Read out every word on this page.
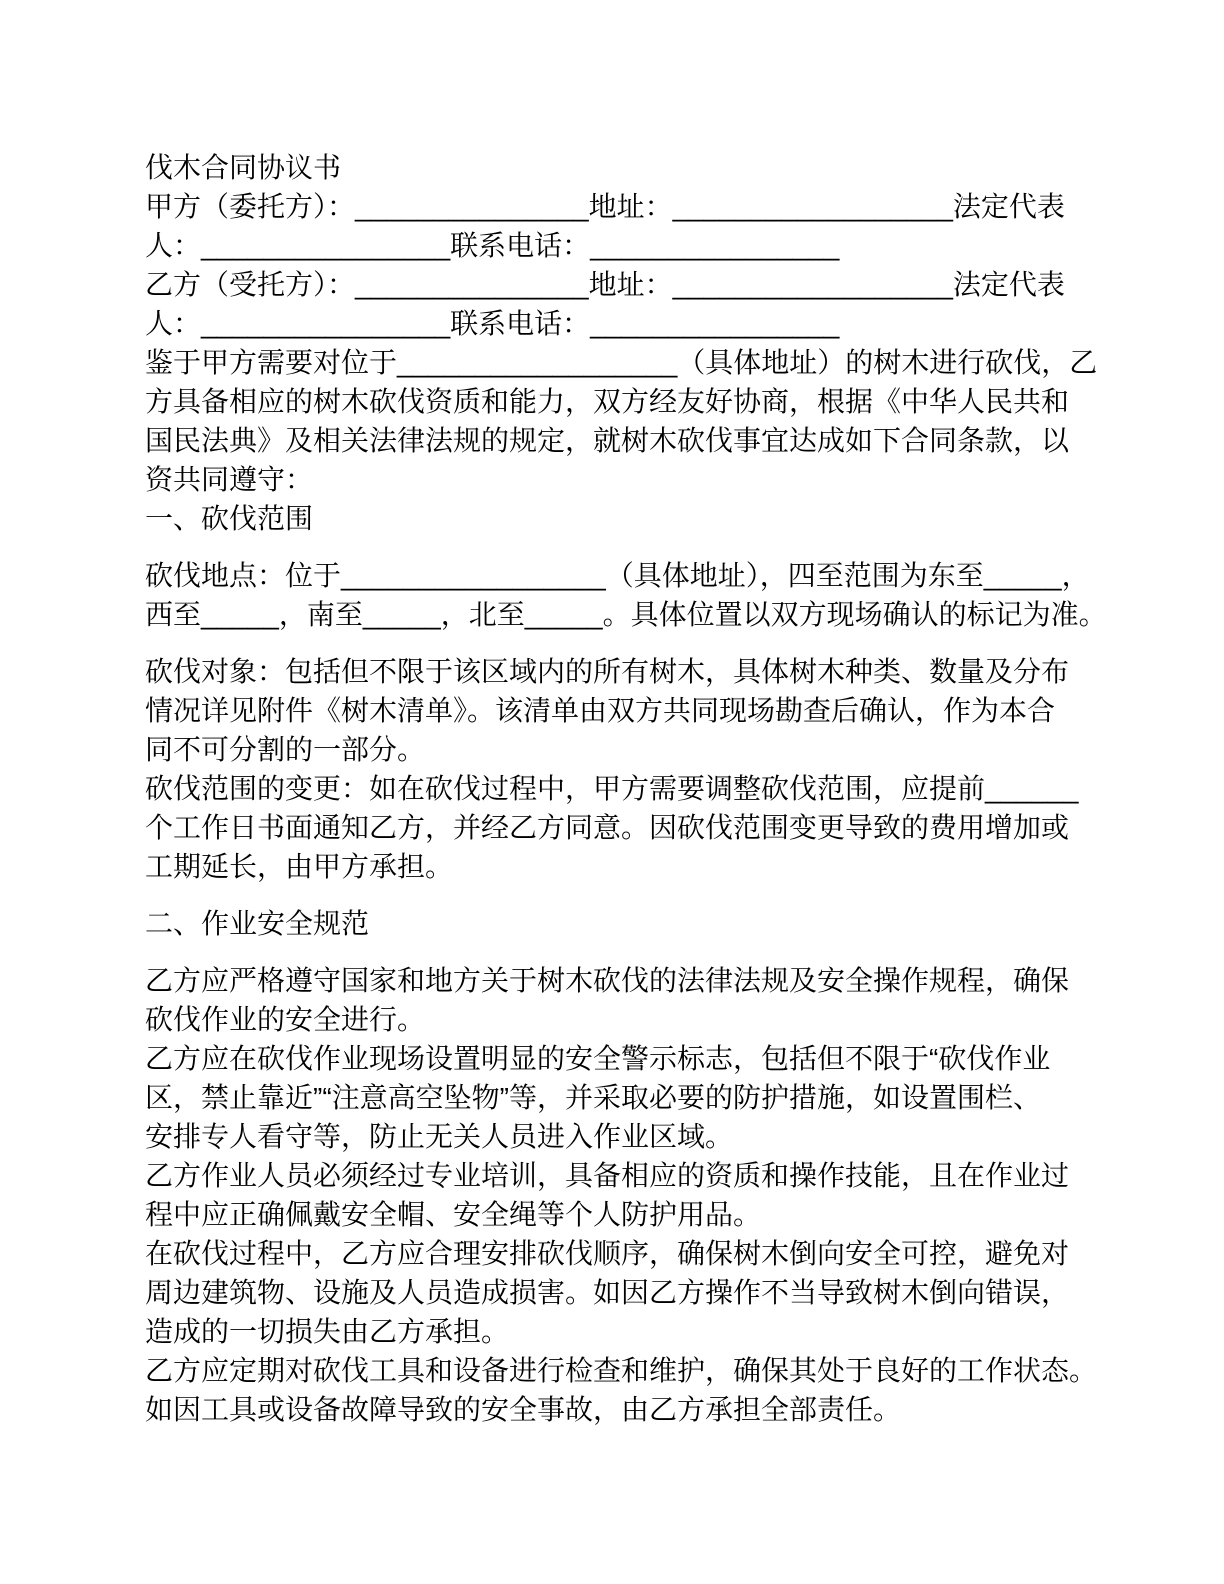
伐木合同协议书
甲方（委托方）：_______________地址：__________________法定代表
人：________________联系电话：________________
乙方（受托方）：_______________地址：__________________法定代表
人：________________联系电话：________________
鉴于甲方需要对位于__________________（具体地址）的树木进行砍伐，乙
方具备相应的树木砍伐资质和能力，双方经友好协商，根据《中华人民共和
国民法典》及相关法律法规的规定，就树木砍伐事宜达成如下合同条款，以
资共同遵守：
一、砍伐范围
砍伐地点：位于_________________（具体地址），四至范围为东至_____，
西至_____，南至_____，北至_____。具体位置以双方现场确认的标记为准。
砍伐对象：包括但不限于该区域内的所有树木，具体树木种类、数量及分布
情况详见附件《树木清单》。该清单由双方共同现场勘查后确认，作为本合
同不可分割的一部分。
砍伐范围的变更：如在砍伐过程中，甲方需要调整砍伐范围，应提前______
个工作日书面通知乙方，并经乙方同意。因砍伐范围变更导致的费用增加或
工期延长，由甲方承担。
二、作业安全规范
乙方应严格遵守国家和地方关于树木砍伐的法律法规及安全操作规程，确保
砍伐作业的安全进行。
乙方应在砍伐作业现场设置明显的安全警示标志，包括但不限于“砍伐作业
区，禁止靠近”“注意高空坠物”等，并采取必要的防护措施，如设置围栏、
安排专人看守等，防止无关人员进入作业区域。
乙方作业人员必须经过专业培训，具备相应的资质和操作技能，且在作业过
程中应正确佩戴安全帽、安全绳等个人防护用品。
在砍伐过程中，乙方应合理安排砍伐顺序，确保树木倒向安全可控，避免对
周边建筑物、设施及人员造成损害。如因乙方操作不当导致树木倒向错误，
造成的一切损失由乙方承担。
乙方应定期对砍伐工具和设备进行检查和维护，确保其处于良好的工作状态。
如因工具或设备故障导致的安全事故，由乙方承担全部责任。
